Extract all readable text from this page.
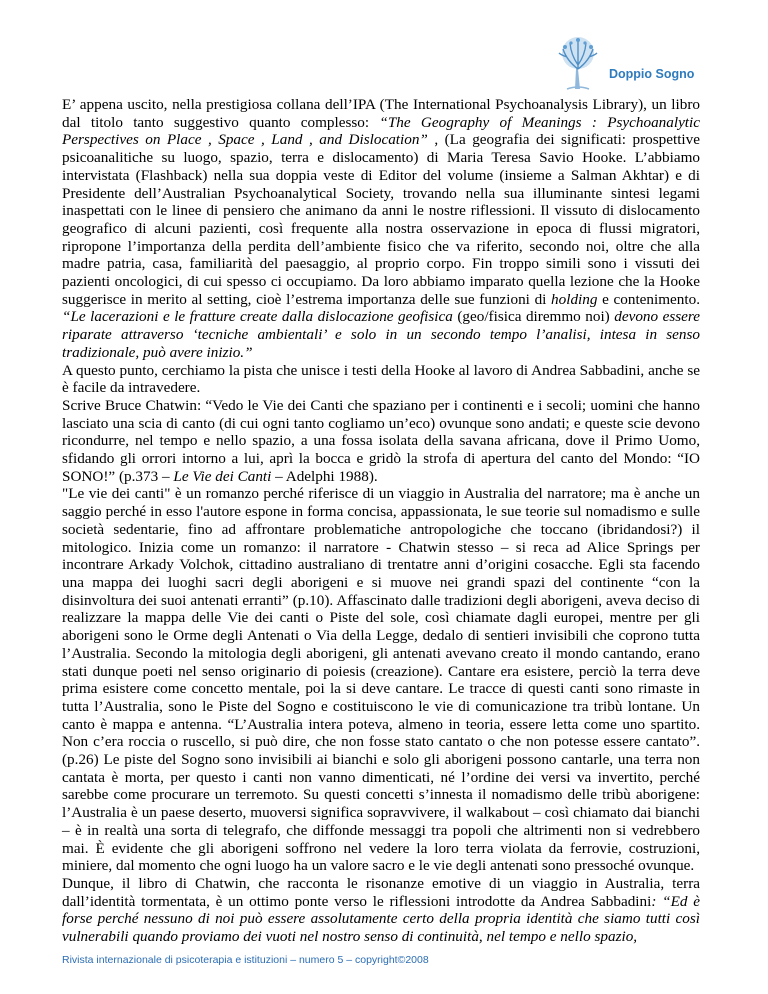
Doppio Sogno

E’ appena uscito, nella prestigiosa collana dell’IPA (The International Psychoanalysis Library), un libro dal titolo tanto suggestivo quanto complesso: “The Geography of Meanings : Psychoanalytic Perspectives on Place , Space , Land , and Dislocation” , (La geografia dei significati: prospettive psicoanalitiche su luogo, spazio, terra e dislocamento) di Maria Teresa Savio Hooke. L’abbiamo intervistata (Flashback) nella sua doppia veste di Editor del volume (insieme a Salman Akhtar) e di Presidente dell’Australian Psychoanalytical Society, trovando nella sua illuminante sintesi legami inaspettati con le linee di pensiero che animano da anni le nostre riflessioni. Il vissuto di dislocamento geografico di alcuni pazienti, così frequente alla nostra osservazione in epoca di flussi migratori, ripropone l’importanza della perdita dell’ambiente fisico che va riferito, secondo noi, oltre che alla madre patria, casa, familiarità del paesaggio, al proprio corpo. Fin troppo simili sono i vissuti dei pazienti oncologici, di cui spesso ci occupiamo. Da loro abbiamo imparato quella lezione che la Hooke suggerisce in merito al setting, cioè l’estrema importanza delle sue funzioni di holding e contenimento. “Le lacerazioni e le fratture create dalla dislocazione geofisica (geo/fisica diremmo noi) devono essere riparate attraverso ‘tecniche ambientali’ e solo in un secondo tempo l’analisi, intesa in senso tradizionale, può avere inizio.”

A questo punto, cerchiamo la pista che unisce i testi della Hooke al lavoro di Andrea Sabbadini, anche se è facile da intravedere.

Scrive Bruce Chatwin: “Vedo le Vie dei Canti che spaziano per i continenti e i secoli; uomini che hanno lasciato una scia di canto (di cui ogni tanto cogliamo un’eco) ovunque sono andati; e queste scie devono ricondurre, nel tempo e nello spazio, a una fossa isolata della savana africana, dove il Primo Uomo, sfidando gli orrori intorno a lui, aprì la bocca e gridò la strofa di apertura del canto del Mondo: “IO SONO!” (p.373 – Le Vie dei Canti – Adelphi 1988).

"Le vie dei canti" è un romanzo perché riferisce di un viaggio in Australia del narratore; ma è anche un saggio perché in esso l'autore espone in forma concisa, appassionata, le sue teorie sul nomadismo e sulle società sedentarie, fino ad affrontare problematiche antropologiche che toccano (ibridandosi?) il mitologico. Inizia come un romanzo: il narratore - Chatwin stesso – si reca ad Alice Springs per incontrare Arkady Volchok, cittadino australiano di trentatre anni d’origini cosacche. Egli sta facendo una mappa dei luoghi sacri degli aborigeni e si muove nei grandi spazi del continente “con la disinvoltura dei suoi antenati erranti” (p.10). Affascinato dalle tradizioni degli aborigeni, aveva deciso di realizzare la mappa delle Vie dei canti o Piste del sole, così chiamate dagli europei, mentre per gli aborigeni sono le Orme degli Antenati o Via della Legge, dedalo di sentieri invisibili che coprono tutta l’Australia. Secondo la mitologia degli aborigeni, gli antenati avevano creato il mondo cantando, erano stati dunque poeti nel senso originario di poiesis (creazione). Cantare era esistere, perciò la terra deve prima esistere come concetto mentale, poi la si deve cantare. Le tracce di questi canti sono rimaste in tutta l’Australia, sono le Piste del Sogno e costituiscono le vie di comunicazione tra tribù lontane. Un canto è mappa e antenna. “L’Australia intera poteva, almeno in teoria, essere letta come uno spartito. Non c’era roccia o ruscello, si può dire, che non fosse stato cantato o che non potesse essere cantato”. (p.26) Le piste del Sogno sono invisibili ai bianchi e solo gli aborigeni possono cantarle, una terra non cantata è morta, per questo i canti non vanno dimenticati, né l’ordine dei versi va invertito, perché sarebbe come procurare un terremoto. Su questi concetti s’innesta il nomadismo delle tribù aborigene: l’Australia è un paese deserto, muoversi significa sopravvivere, il walkabout – così chiamato dai bianchi – è in realtà una sorta di telegrafo, che diffonde messaggi tra popoli che altrimenti non si vedrebbero mai. È evidente che gli aborigeni soffrono nel vedere la loro terra violata da ferrovie, costruzioni, miniere, dal momento che ogni luogo ha un valore sacro e le vie degli antenati sono pressoché ovunque.

Dunque, il libro di Chatwin, che racconta le risonanze emotive di un viaggio in Australia, terra dall’identità tormentata, è un ottimo ponte verso le riflessioni introdotte da Andrea Sabbadini: “Ed è forse perché nessuno di noi può essere assolutamente certo della propria identità che siamo tutti così vulnerabili quando proviamo dei vuoti nel nostro senso di continuità, nel tempo e nello spazio,

Rivista internazionale di psicoterapia e istituzioni – numero 5 – copyright©2008
